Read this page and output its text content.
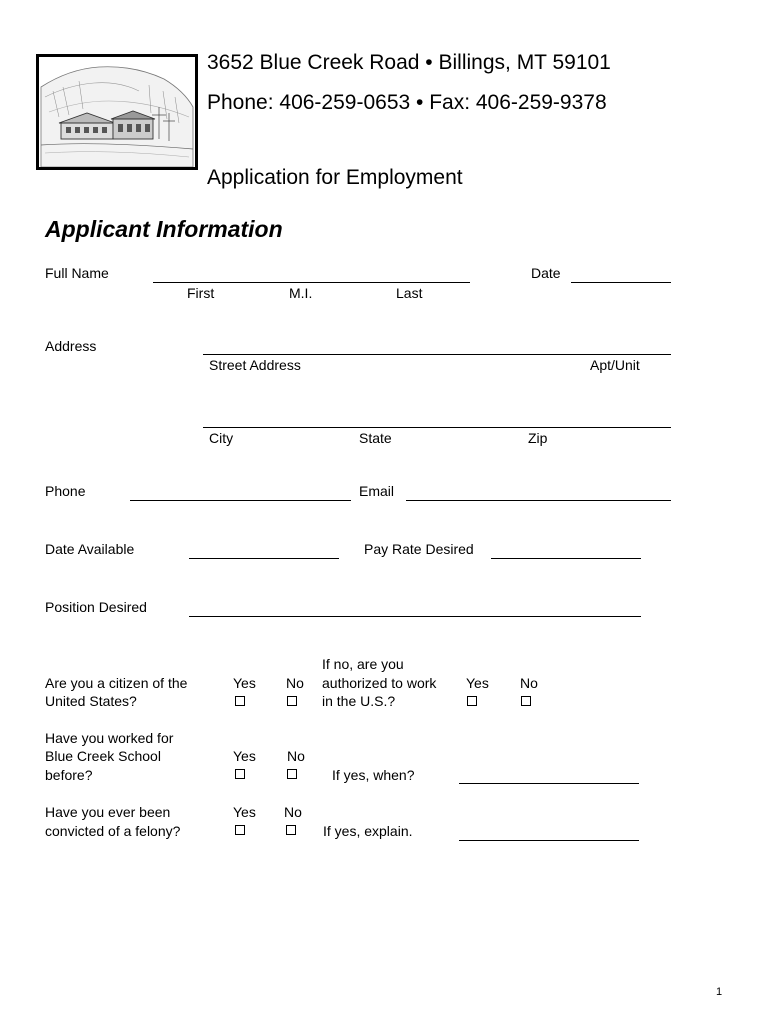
3652 Blue Creek Road • Billings, MT 59101
Phone: 406-259-0653 • Fax: 406-259-9378
Application for Employment
Applicant Information
Full Name
First	M.I.	Last
Date
Address
Street Address	Apt/Unit
City	State	Zip
Phone	Email
Date Available	Pay Rate Desired
Position Desired
Are you a citizen of the
United States?
Yes No
If no, are you
authorized to work
in the U.S.?
Yes No
Have you worked for
Blue Creek School
before?
Yes No
If yes, when?
Have you ever been
convicted of a felony?
Yes No
If yes, explain.
1
